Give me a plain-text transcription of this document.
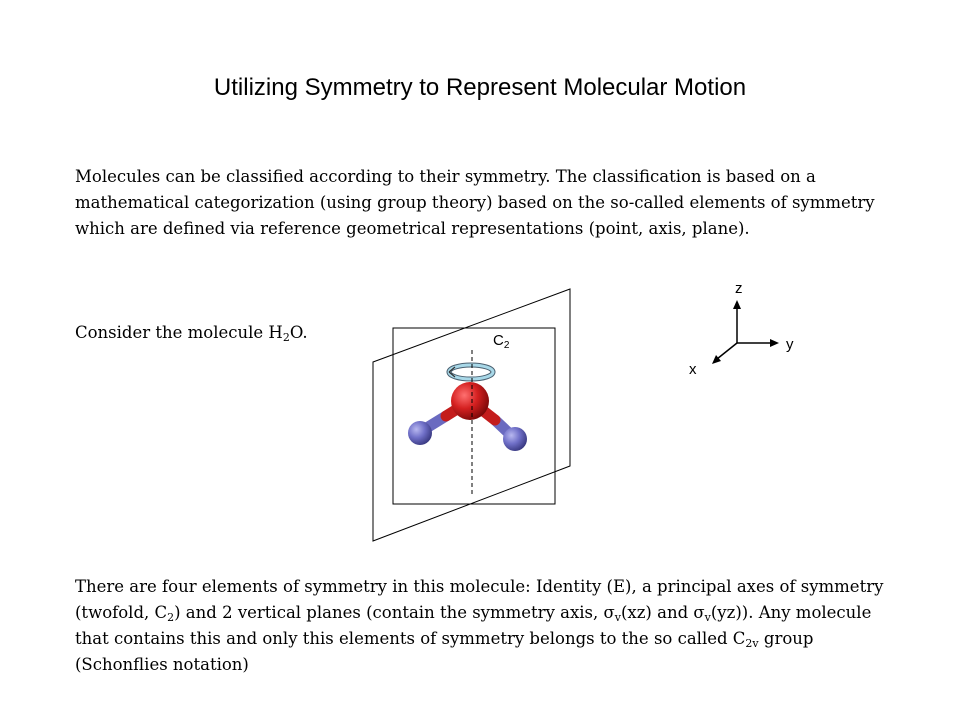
Utilizing Symmetry to Represent Molecular Motion

Molecules can be classified according to their symmetry. The classification is based on a mathematical categorization (using group theory) based on the so-called elements of symmetry which are defined via reference geometrical representations (point, axis, plane).

Consider the molecule $H_2O$.

There are four elements of symmetry in this molecule: Identity (E), a principal axes of symmetry (twofold, $C_2$) and 2 vertical planes (contain the symmetry axis, $\sigma_v(xz)$ and $\sigma_v(yz)$). Any molecule that contains this and only this elements of symmetry belongs to the so called $C_{2v}$ group (Schonflies notation)

$C_2$
z
y
x
